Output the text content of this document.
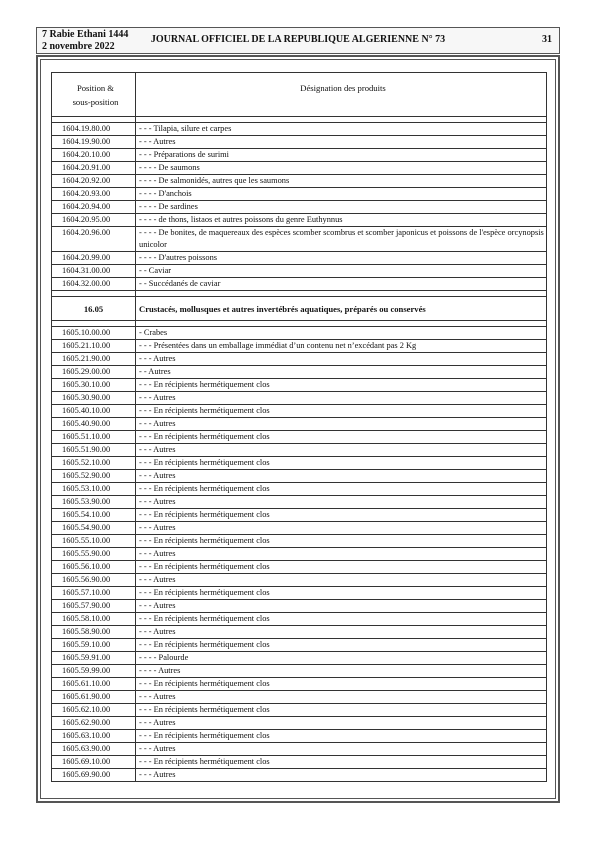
7 Rabie Ethani 1444
2 novembre 2022
JOURNAL OFFICIEL DE LA REPUBLIQUE ALGERIENNE N° 73	31
Position &
sous-position	Désignation des produits

1604.19.80.00	- - - Tilapia, silure et carpes
1604.19.90.00	- - - Autres
1604.20.10.00	- - - Préparations de surimi
1604.20.91.00	- - - - De saumons
1604.20.92.00	- - - - De salmonidés, autres que les saumons
1604.20.93.00	- - - - D'anchois
1604.20.94.00	- - - - De sardines
1604.20.95.00	- - - - de thons, listaos et autres poissons du genre Euthynnus
1604.20.96.00	- - - - De bonites, de maquereaux des espèces scomber scombrus et scomber japonicus et poissons de l'espèce orcynopsis unicolor
1604.20.99.00	- - - - D'autres poissons
1604.31.00.00	- - Caviar
1604.32.00.00	- - Succédanés de caviar

16.05	Crustacés, mollusques et autres invertébrés aquatiques, préparés ou conservés

1605.10.00.00	- Crabes
1605.21.10.00	- - - Présentées dans un emballage immédiat d’un contenu net n’excédant pas 2 Kg
1605.21.90.00	- - - Autres
1605.29.00.00	- - Autres
1605.30.10.00	- - - En récipients hermétiquement clos
1605.30.90.00	- - - Autres
1605.40.10.00	- - - En récipients hermétiquement clos
1605.40.90.00	- - - Autres
1605.51.10.00	- - - En récipients hermétiquement clos
1605.51.90.00	- - - Autres
1605.52.10.00	- - - En récipients hermétiquement clos
1605.52.90.00	- - - Autres
1605.53.10.00	- - - En récipients hermétiquement clos
1605.53.90.00	- - - Autres
1605.54.10.00	- - - En récipients hermétiquement clos
1605.54.90.00	- - - Autres
1605.55.10.00	- - - En récipients hermétiquement clos
1605.55.90.00	- - - Autres
1605.56.10.00	- - - En récipients hermétiquement clos
1605.56.90.00	- - - Autres
1605.57.10.00	- - - En récipients hermétiquement clos
1605.57.90.00	- - - Autres
1605.58.10.00	- - - En récipients hermétiquement clos
1605.58.90.00	- - - Autres
1605.59.10.00	- - - En récipients hermétiquement clos
1605.59.91.00	- - - - Palourde
1605.59.99.00	- - - - Autres
1605.61.10.00	- - - En récipients hermétiquement clos
1605.61.90.00	- - - Autres
1605.62.10.00	- - - En récipients hermétiquement clos
1605.62.90.00	- - - Autres
1605.63.10.00	- - - En récipients hermétiquement clos
1605.63.90.00	- - - Autres
1605.69.10.00	- - - En récipients hermétiquement clos
1605.69.90.00	- - - Autres
